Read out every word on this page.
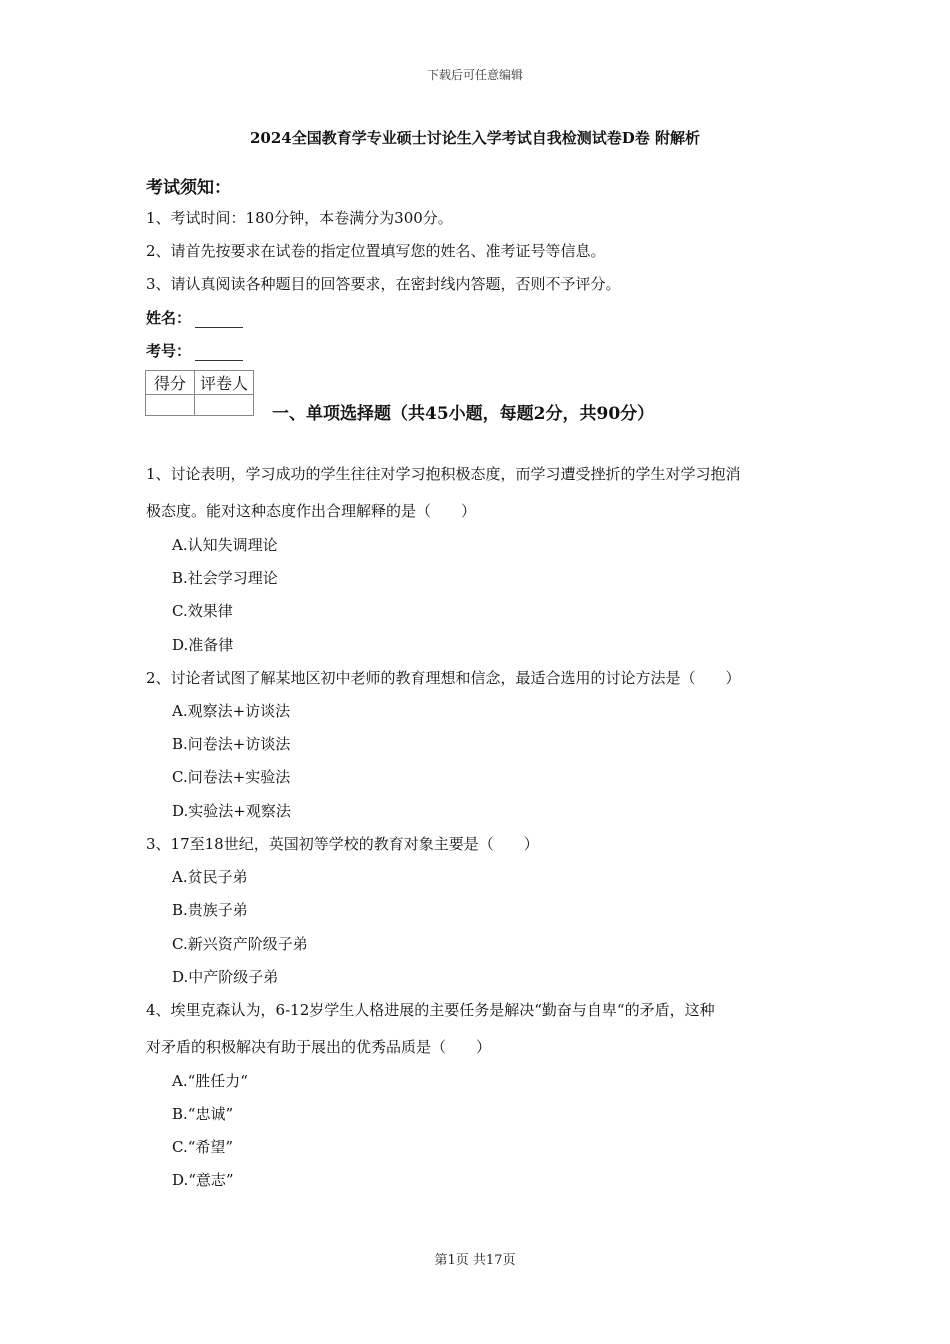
下载后可任意编辑
2024全国教育学专业硕士讨论生入学考试自我检测试卷D卷 附解析
考试须知：
1、考试时间：180分钟，本卷满分为300分。
2、请首先按要求在试卷的指定位置填写您的姓名、准考证号等信息。
3、请认真阅读各种题目的回答要求，在密封线内答题，否则不予评分。
姓名：
考号：
得分	评卷人

一、单项选择题（共45小题，每题2分，共90分）
1、讨论表明，学习成功的学生往往对学习抱积极态度，而学习遭受挫折的学生对学习抱消
极态度。能对这种态度作出合理解释的是（　　）
A.认知失调理论
B.社会学习理论
C.效果律
D.准备律
2、讨论者试图了解某地区初中老师的教育理想和信念，最适合选用的讨论方法是（　　）
A.观察法+访谈法
B.问卷法+访谈法
C.问卷法+实验法
D.实验法+观察法
3、17至18世纪，英国初等学校的教育对象主要是（　　）
A.贫民子弟
B.贵族子弟
C.新兴资产阶级子弟
D.中产阶级子弟
4、埃里克森认为，6-12岁学生人格进展的主要任务是解决“勤奋与自卑“的矛盾，这种
对矛盾的积极解决有助于展出的优秀品质是（　　）
A.“胜任力“
B.“忠诚”
C.“希望”
D.“意志”
第1页 共17页
